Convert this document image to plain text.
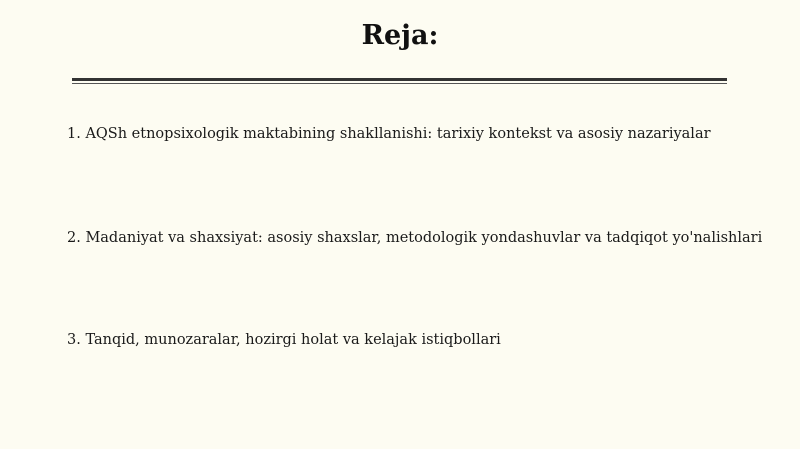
Reja:
1. AQSh etnopsixologik maktabining shakllanishi: tarixiy kontekst va asosiy nazariyalar
2. Madaniyat va shaxsiyat: asosiy shaxslar, metodologik yondashuvlar va tadqiqot yo'nalishlari
3. Tanqid, munozaralar, hozirgi holat va kelajak istiqbollari
